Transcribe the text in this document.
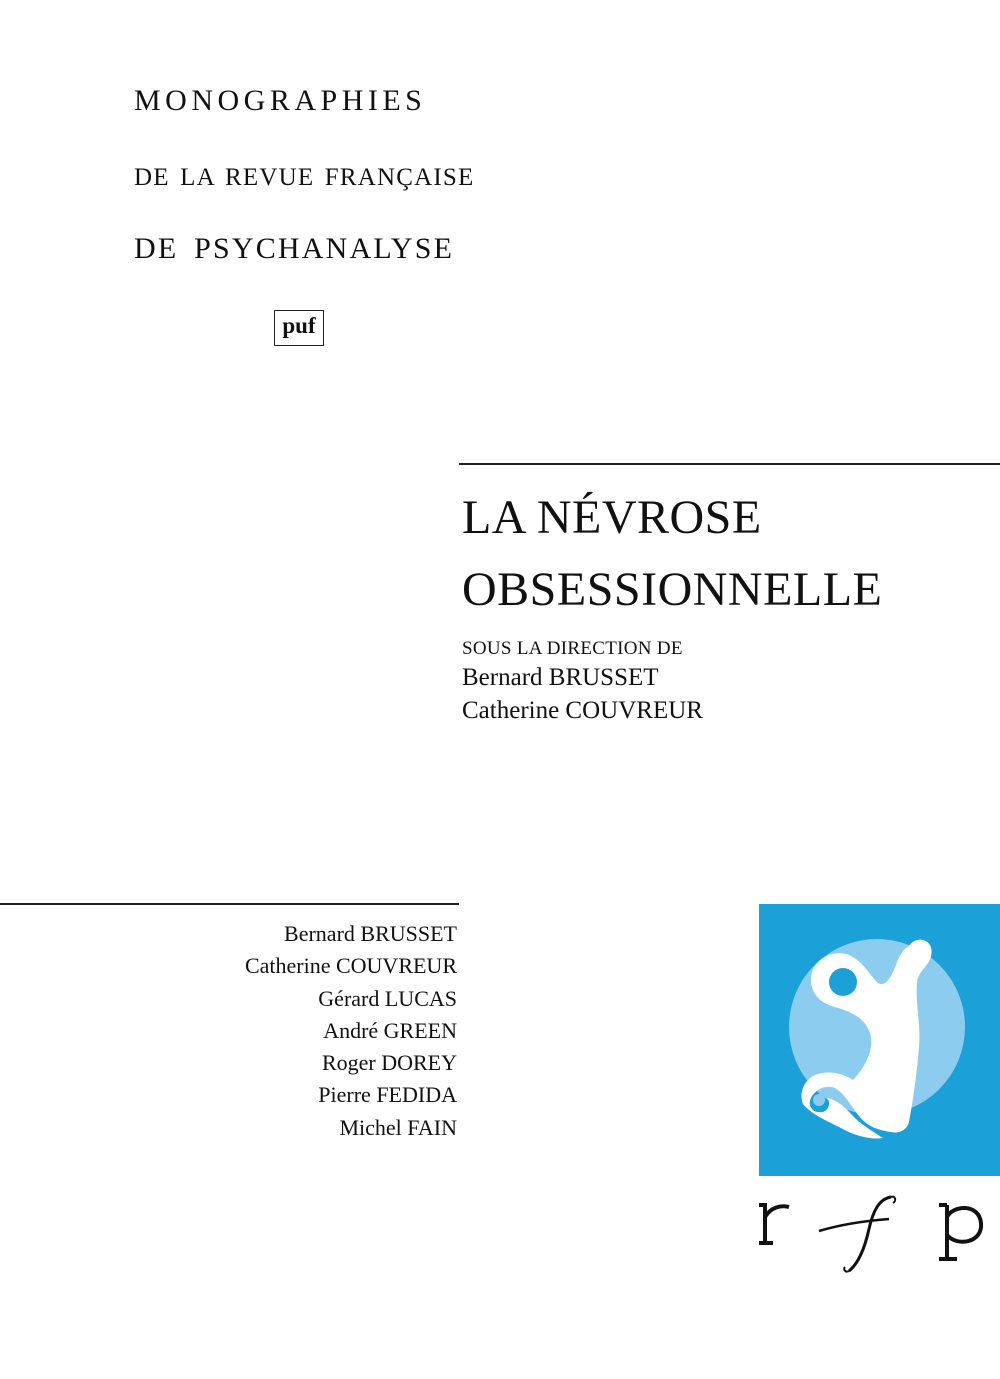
MONOGRAPHIES
DE LA REVUE FRANÇAISE
DE PSYCHANALYSE
puf
LA NÉVROSE
OBSESSIONNELLE
SOUS LA DIRECTION DE
Bernard BRUSSET
Catherine COUVREUR
Bernard BRUSSET
Catherine COUVREUR
Gérard LUCAS
André GREEN
Roger DOREY
Pierre FEDIDA
Michel FAIN
